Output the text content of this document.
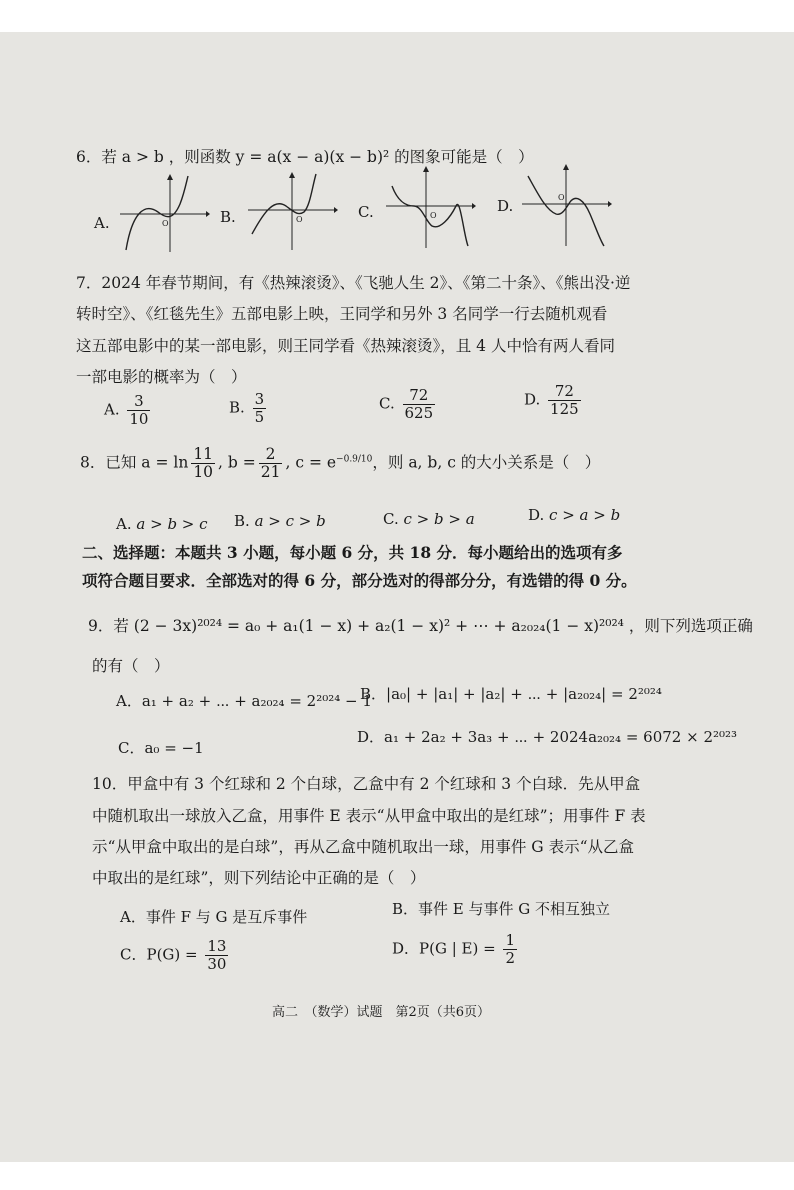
6．若 a > b ，则函数 y = a(x − a)(x − b)² 的图象可能是（　）
A.	O	B.	O	C.	O
D.	O
7．2024 年春节期间，有《热辣滚烫》、《飞驰人生 2》、《第二十条》、《熊出没·逆
转时空》、《红毯先生》五部电影上映，王同学和另外 3 名同学一行去随机观看
这五部电影中的某一部电影，则王同学看《热辣滚烫》，且 4 人中恰有两人看同
一部电影的概率为（　）
A. $\frac{3}{10}$	B. $\frac{3}{5}$	C. $\frac{72}{625}$	D. $\frac{72}{125}$
8．已知 $a = \ln \frac{11}{10}$ , $b = \frac{2}{21}$ , $c = e^{-0.9/10}$，则 a, b, c 的大小关系是（　）
A. a > b > c B. a > c > b	C. c > b > a	D. c > a > b
二、选择题：本题共 3 小题，每小题 6 分，共 18 分．每小题给出的选项有多
项符合题目要求．全部选对的得 6 分，部分选对的得部分分，有选错的得 0 分。
9．若 (2 − 3x)²⁰²⁴ = a₀ + a₁(1 − x) + a₂(1 − x)² + ⋯ + a₂₀₂₄(1 − x)²⁰²⁴ ，则下列选项正确
的有（　）
A．a₁ + a₂ + ⋯ + a₂₀₂₄ = 2²⁰²⁴ − 1
B．|a₀| + |a₁| + |a₂| + ⋯ + |a₂₀₂₄| = 2²⁰²⁴
C．a₀ = −1
D．a₁ + 2a₂ + 3a₃ + ⋯ + 2024a₂₀₂₄ = 6072 × 2²⁰²³
10．甲盒中有 3 个红球和 2 个白球，乙盒中有 2 个红球和 3 个白球．先从甲盒
中随机取出一球放入乙盒，用事件 E 表示“从甲盒中取出的是红球”；用事件 F 表
示“从甲盒中取出的是白球”，再从乙盒中随机取出一球，用事件 G 表示“从乙盒
中取出的是红球”，则下列结论中正确的是（　）
A．事件 F 与 G 是互斥事件	B．事件 E 与事件 G 不相互独立
C．$P(G) = \frac{13}{30}$	D．P(G | $E) = \frac{1}{2}$
高二　（数学）试题　第2页（共6页）
